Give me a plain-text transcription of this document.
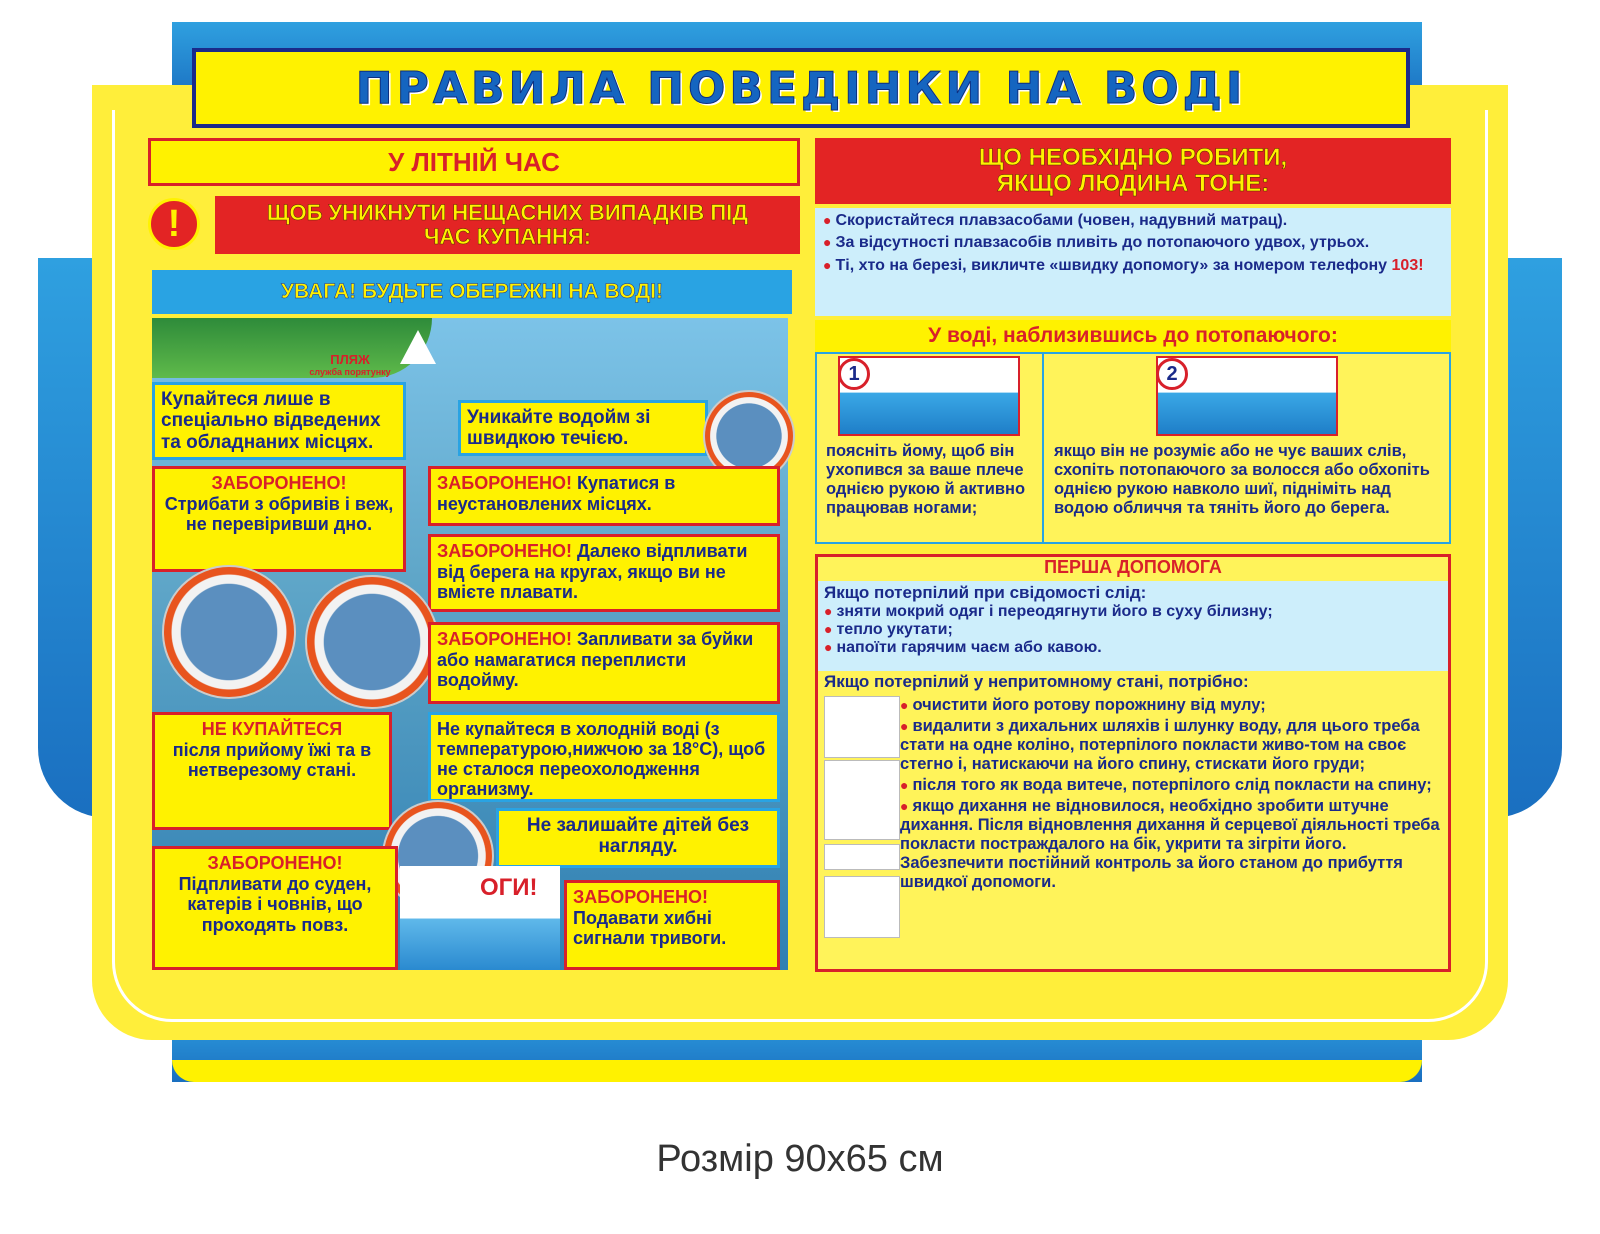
ПРАВИЛА ПОВЕДІНКИ НА ВОДІ
У ЛІТНІЙ ЧАС
!	ЩОБ УНИКНУТИ НЕЩАСНИХ ВИПАДКІВ ПІД ЧАС КУПАННЯ:
УВАГА! БУДЬТЕ ОБЕРЕЖНІ НА ВОДІ!
ПЛЯЖ
служба порятунку
Купайтеся лише в спеціально відведених та обладнаних місцях.
Уникайте водойм зі швидкою течією.
ЗАБОРОНЕНО!
Стрибати з обривів і веж, не перевіривши дно.
ЗАБОРОНЕНО! Купатися в неустановлених місцях.
ЗАБОРОНЕНО! Далеко відпливати від берега на кругах, якщо ви не вмієте плавати.
ЗАБОРОНЕНО! Запливати за буйки або намагатися переплисти водойму.
НЕ КУПАЙТЕСЯ
після прийому їжі та в нетверезому стані.
Не купайтеся в холодній воді (з температурою,нижчою за 18°С), щоб не сталося переохолодження организму.
Не залишайте дітей без нагляду.
ЗАБОРОНЕНО!
Підпливати до суден, катерів і човнів, що проходять повз.
ОГИ! ЗАБОРОНЕНО!
Подавати хибні сигнали тривоги.
ЩО НЕОБХІДНО РОБИТИ, ЯКЩО ЛЮДИНА ТОНЕ:
● Скористайтеся плавзасобами (човен, надувний матрац).
● За відсутності плавзасобів пливіть до потопаючого удвох, утрьох.
● Ті, хто на березі, викличте «швидку допомогу» за номером телефону 103!
У воді, наблизившись до потопаючого:
1
поясніть йому, щоб він ухопився за ваше плече однією рукою й активно працював ногами;
2
якщо він не розуміє або не чує ваших слів, схопіть потопаючого за волосся або обхопіть однією рукою навколо шиї, підніміть над водою обличчя та тяніть його до берега.
ПЕРША ДОПОМОГА
Якщо потерпілий при свідомості слід:
● зняти мокрий одяг і переодягнути його в суху білизну;
● тепло укутати;
● напоїти гарячим чаєм або кавою.
Якщо потерпілий у непритомному стані, потрібно:
● очистити його ротову порожнину від мулу;
● видалити з дихальних шляхів і шлунку воду, для цього треба стати на одне коліно, потерпілого покласти живо-том на своє стегно і, натискаючи на його спину, стискати його груди;
● після того як вода витече, потерпілого слід покласти на спину;
● якщо дихання не відновилося, необхідно зробити штучне дихання. Після відновлення дихання й серцевої діяльності треба покласти постраждалого на бік, укрити та зігріти його. Забезпечити постійний контроль за його станом до прибуття швидкої допомоги.
Розмір 90х65 см
